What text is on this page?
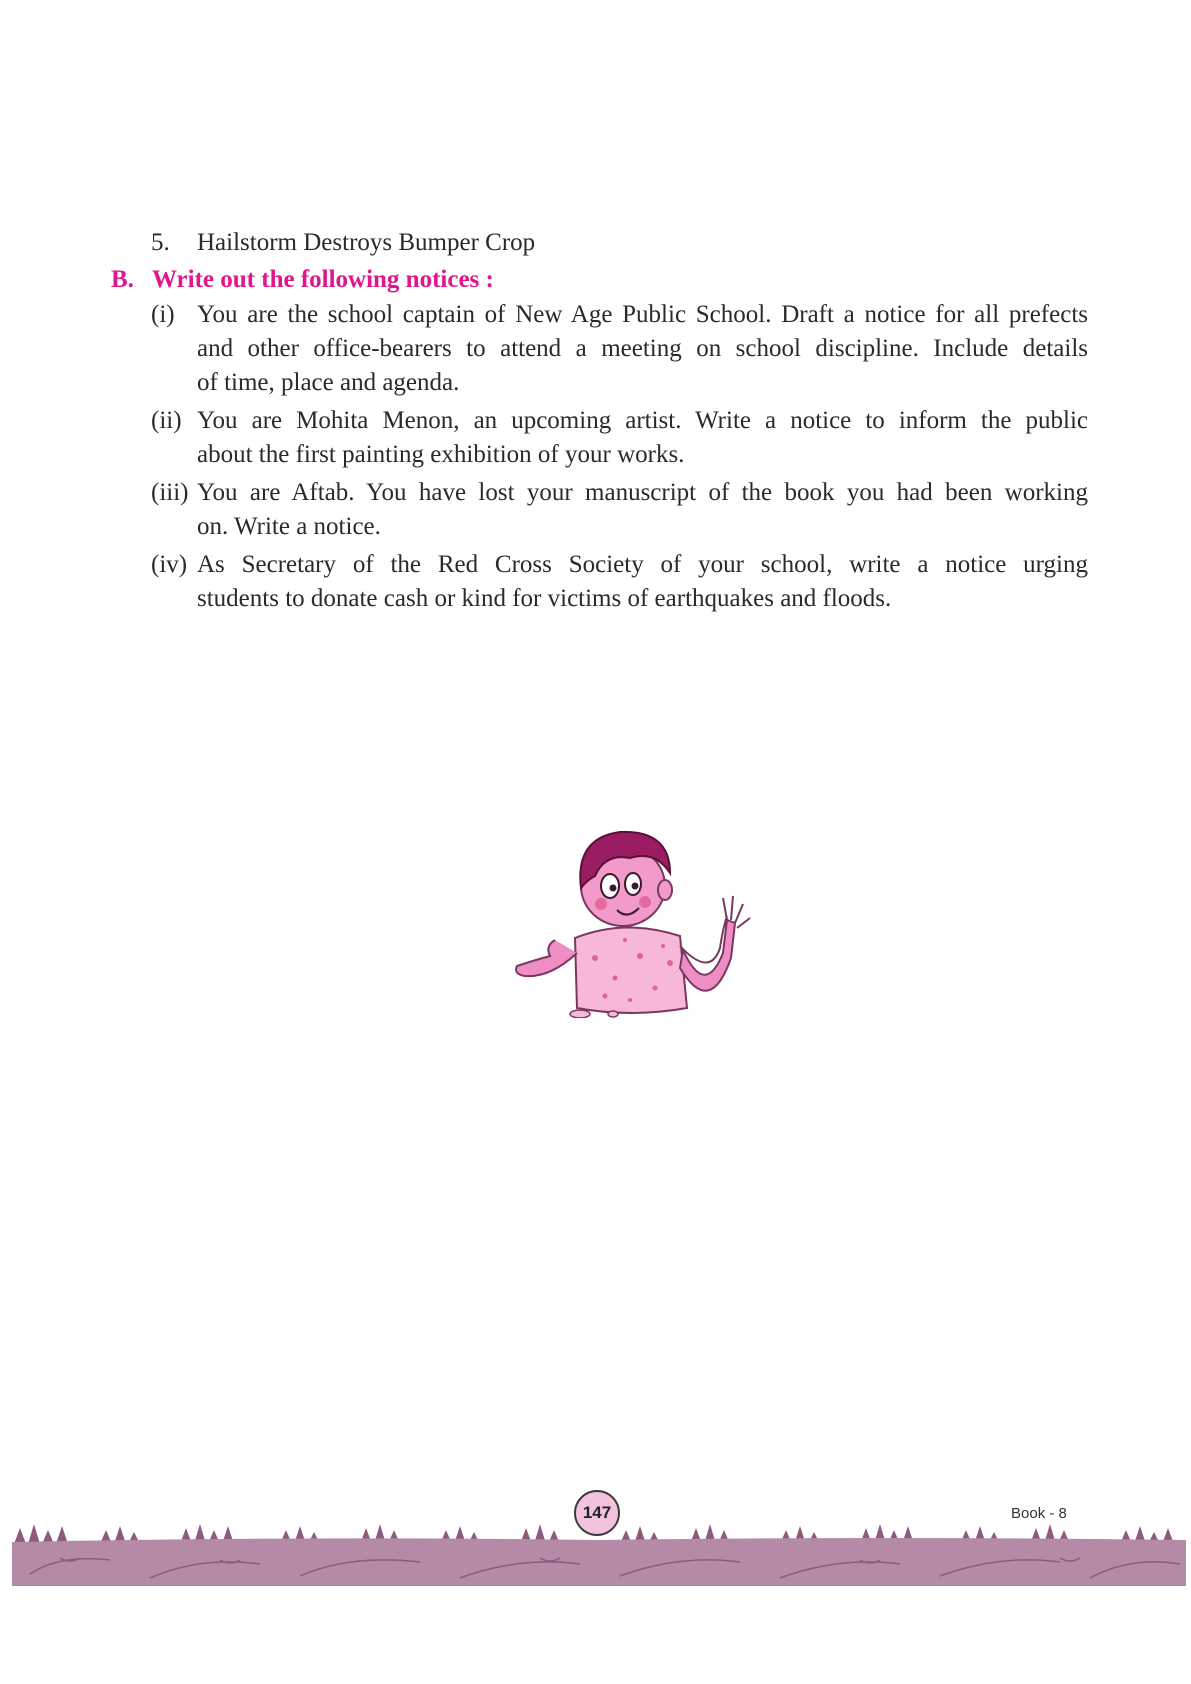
5. Hailstorm Destroys Bumper Crop
B. Write out the following notices :
(i) You are the school captain of New Age Public School. Draft a notice for all prefects
and other office-bearers to attend a meeting on school discipline. Include details
of time, place and agenda.
(ii) You are Mohita Menon, an upcoming artist. Write a notice to inform the public
about the first painting exhibition of your works.
(iii) You are Aftab. You have lost your manuscript of the book you had been working
on. Write a notice.
(iv) As Secretary of the Red Cross Society of your school, write a notice urging
students to donate cash or kind for victims of earthquakes and floods.
147	Book - 8
